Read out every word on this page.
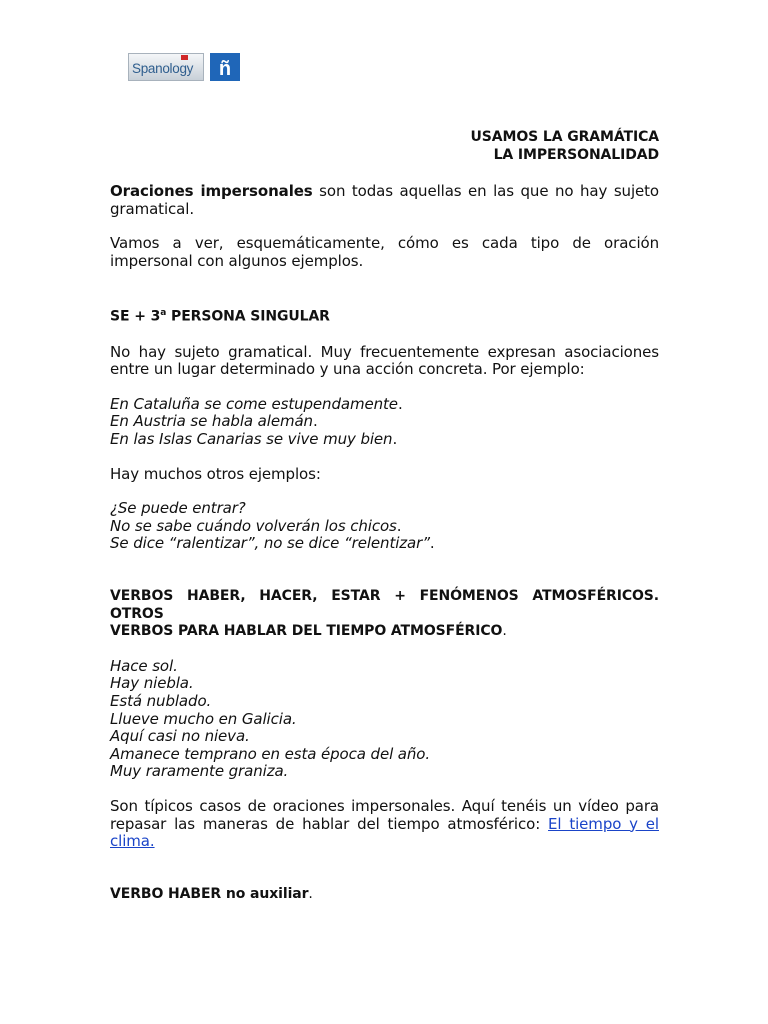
Spanology ñ
USAMOS LA GRAMÁTICA
LA IMPERSONALIDAD

Oraciones impersonales son todas aquellas en las que no hay sujeto gramatical.

Vamos a ver, esquemáticamente, cómo es cada tipo de oración impersonal con algunos ejemplos.

SE + $3^a$ PERSONA SINGULAR

No hay sujeto gramatical. Muy frecuentemente expresan asociaciones entre un lugar determinado y una acción concreta. Por ejemplo:

En Cataluña se come estupendamente.
En Austria se habla alemán.
En las Islas Canarias se vive muy bien.

Hay muchos otros ejemplos:

¿Se puede entrar?
No se sabe cuándo volverán los chicos.
Se dice “ralentizar”, no se dice “relentizar”.
VERBOS HABER, HACER, ESTAR + FENÓMENOS ATMOSFÉRICOS. OTROS
VERBOS PARA HABLAR DEL TIEMPO ATMOSFÉRICO.
Hace sol.
Hay niebla.
Está nublado.
Llueve mucho en Galicia.
Aquí casi no nieva.
Amanece temprano en esta época del año.
Muy raramente graniza.

Son típicos casos de oraciones impersonales. Aquí tenéis un vídeo para repasar las maneras de hablar del tiempo atmosférico: El tiempo y el clima.

VERBO HABER no auxiliar.
